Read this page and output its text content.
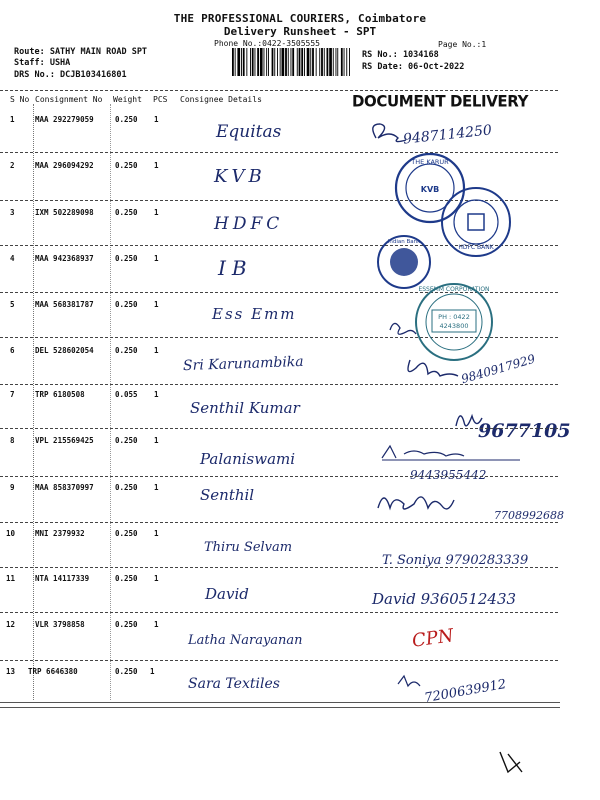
THE PROFESSIONAL COURIERS, Coimbatore
Delivery Runsheet - SPT
Phone No.:0422-3505555	Page No.:1
Route: SATHY MAIN ROAD SPT
Staff: USHA
DRS No.: DCJB103416801
RS No.: 1034168
RS Date: 06-Oct-2022
S No Consignment No Weight PCS Consignee Details	DOCUMENT DELIVERY
1	MAA 292279059	0.250 1
Equitas	9487114250
2	MAA 296094292	0.250 1
KVB
3	IXM 502289098	0.250 1
HDFC
4	MAA 942368937	0.250 1	IB
5	MAA 568381787	0.250 1
Ess Emm
6	DEL 528602054	0.250 1
Sri Karunambika	9840917929
7	TRP 6180508	0.055 1
Senthil Kumar
9677105
8	VPL 215569425	0.250 1
Palaniswami
9443955442
9	MAA 858370997	0.250 1	Senthil
7708992688
10	MNI 2379932	0.250 1
Thiru Selvam
T. Soniya 9790283339
11	NTA 14117339	0.250 1
David	David 9360512433
12	VLR 3798858	0.250 1
Latha Narayanan	CPN
13 TRP 6646380	0.250 1
Sara Textiles	7200639912
THE KARUR
KVB
HDFC BANK
Indian Bank
PH : 0422
4243800
ESSEMM CORPORATION
